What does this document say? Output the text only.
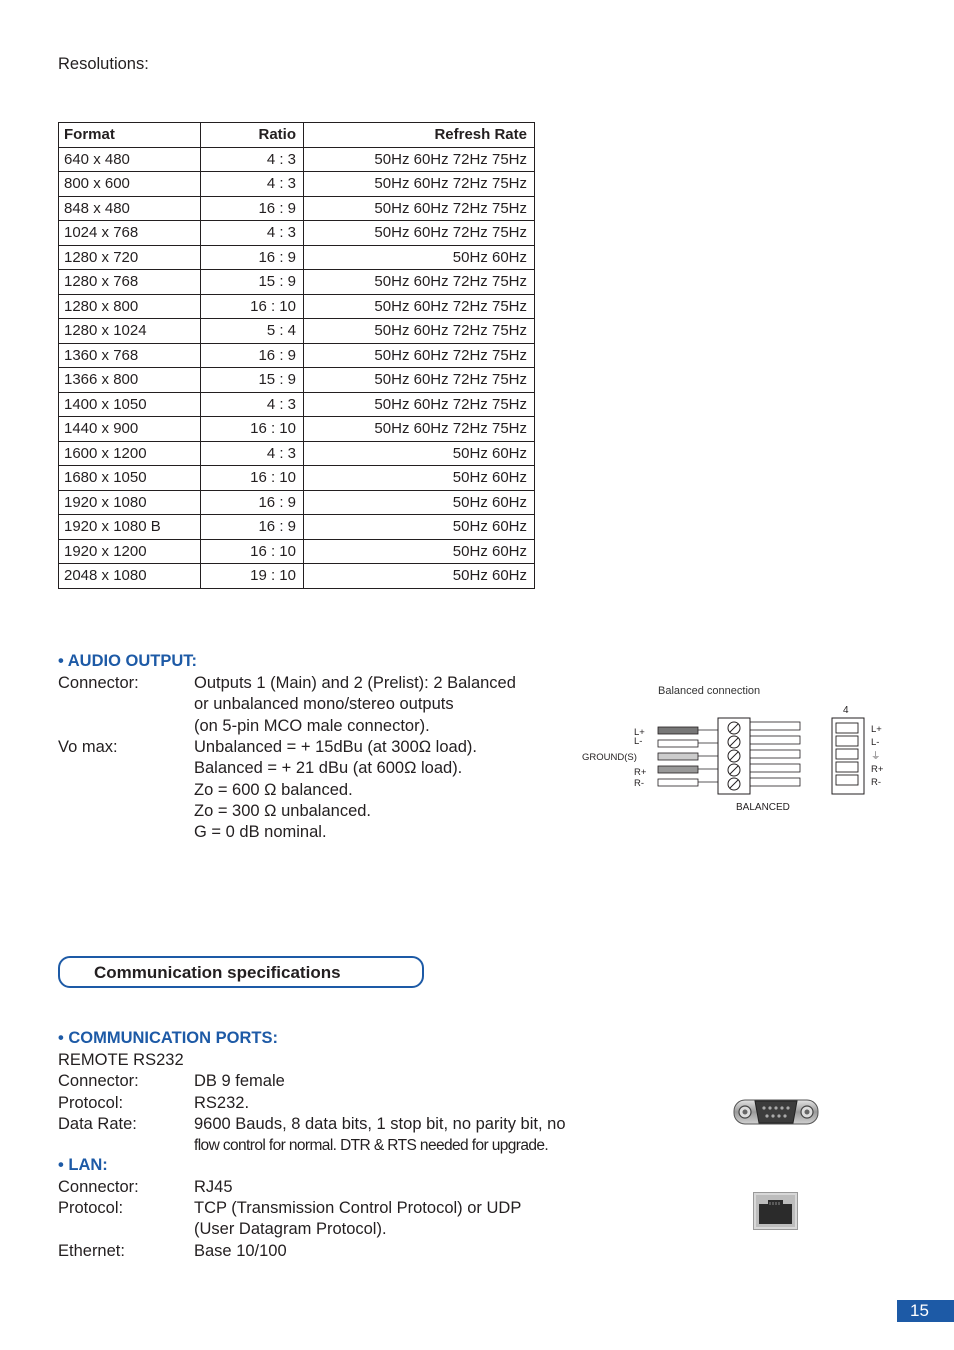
Resolutions:
Format	Ratio	Refresh Rate
640 x 480	4 : 3	50Hz 60Hz 72Hz 75Hz
800 x 600	4 : 3	50Hz 60Hz 72Hz 75Hz
848 x 480	16 : 9	50Hz 60Hz 72Hz 75Hz
1024 x 768	4 : 3	50Hz 60Hz 72Hz 75Hz
1280 x 720	16 : 9	50Hz 60Hz
1280 x 768	15 : 9	50Hz 60Hz 72Hz 75Hz
1280 x 800	16 : 10	50Hz 60Hz 72Hz 75Hz
1280 x 1024	5 : 4	50Hz 60Hz 72Hz 75Hz
1360 x 768	16 : 9	50Hz 60Hz 72Hz 75Hz
1366 x 800	15 : 9	50Hz 60Hz 72Hz 75Hz
1400 x 1050	4 : 3	50Hz 60Hz 72Hz 75Hz
1440 x 900	16 : 10	50Hz 60Hz 72Hz 75Hz
1600 x 1200	4 : 3	50Hz 60Hz
1680 x 1050	16 : 10	50Hz 60Hz
1920 x 1080	16 : 9	50Hz 60Hz
1920 x 1080 B	16 : 9	50Hz 60Hz
1920 x 1200	16 : 10	50Hz 60Hz
2048 x 1080	19 : 10	50Hz 60Hz
• AUDIO OUTPUT:
Connector:	Outputs 1 (Main) and 2 (Prelist): 2 Balanced
or unbalanced mono/stereo outputs
(on 5-pin MCO male connector).
Vo max:	Unbalanced = + 15dBu (at 300Ω load).
Balanced = + 21 dBu (at 600Ω load).
Zo = 600 Ω balanced.
Zo = 300 Ω unbalanced.
G = 0 dB nominal.
Balanced connection
L+
L-
GROUND(S)
R+
R-
BALANCED
4
L+
L-
⏚
R+
R-
Communication specifications
• COMMUNICATION PORTS:
REMOTE RS232
Connector:	DB 9 female
Protocol:	RS232.
Data Rate:	9600 Bauds, 8 data bits, 1 stop bit, no parity bit, no
flow control for normal. DTR & RTS needed for upgrade.
• LAN:
Connector:	RJ45
Protocol:	TCP (Transmission Control Protocol) or UDP
(User Datagram Protocol).
Ethernet:	Base 10/100
15
